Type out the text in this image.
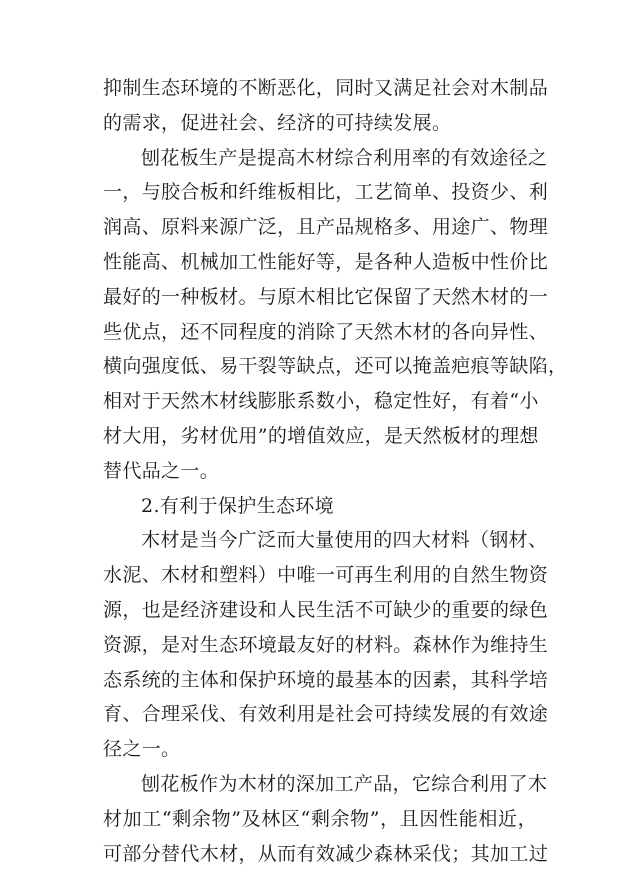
抑制生态环境的不断恶化，同时又满足社会对木制品
的需求，促进社会、经济的可持续发展。
刨花板生产是提高木材综合利用率的有效途径之
一，与胶合板和纤维板相比，工艺简单、投资少、利
润高、原料来源广泛，且产品规格多、用途广、物理
性能高、机械加工性能好等，是各种人造板中性价比
最好的一种板材。与原木相比它保留了天然木材的一
些优点，还不同程度的消除了天然木材的各向异性、
横向强度低、易干裂等缺点，还可以掩盖疤痕等缺陷，
相对于天然木材线膨胀系数小，稳定性好，有着“小
材大用，劣材优用”的增值效应，是天然板材的理想
替代品之一。
2.有利于保护生态环境
木材是当今广泛而大量使用的四大材料（钢材、
水泥、木材和塑料）中唯一可再生利用的自然生物资
源，也是经济建设和人民生活不可缺少的重要的绿色
资源，是对生态环境最友好的材料。森林作为维持生
态系统的主体和保护环境的最基本的因素，其科学培
育、合理采伐、有效利用是社会可持续发展的有效途
径之一。
刨花板作为木材的深加工产品，它综合利用了木
材加工“剩余物”及林区“剩余物”，且因性能相近，
可部分替代木材，从而有效减少森林采伐；其加工过
